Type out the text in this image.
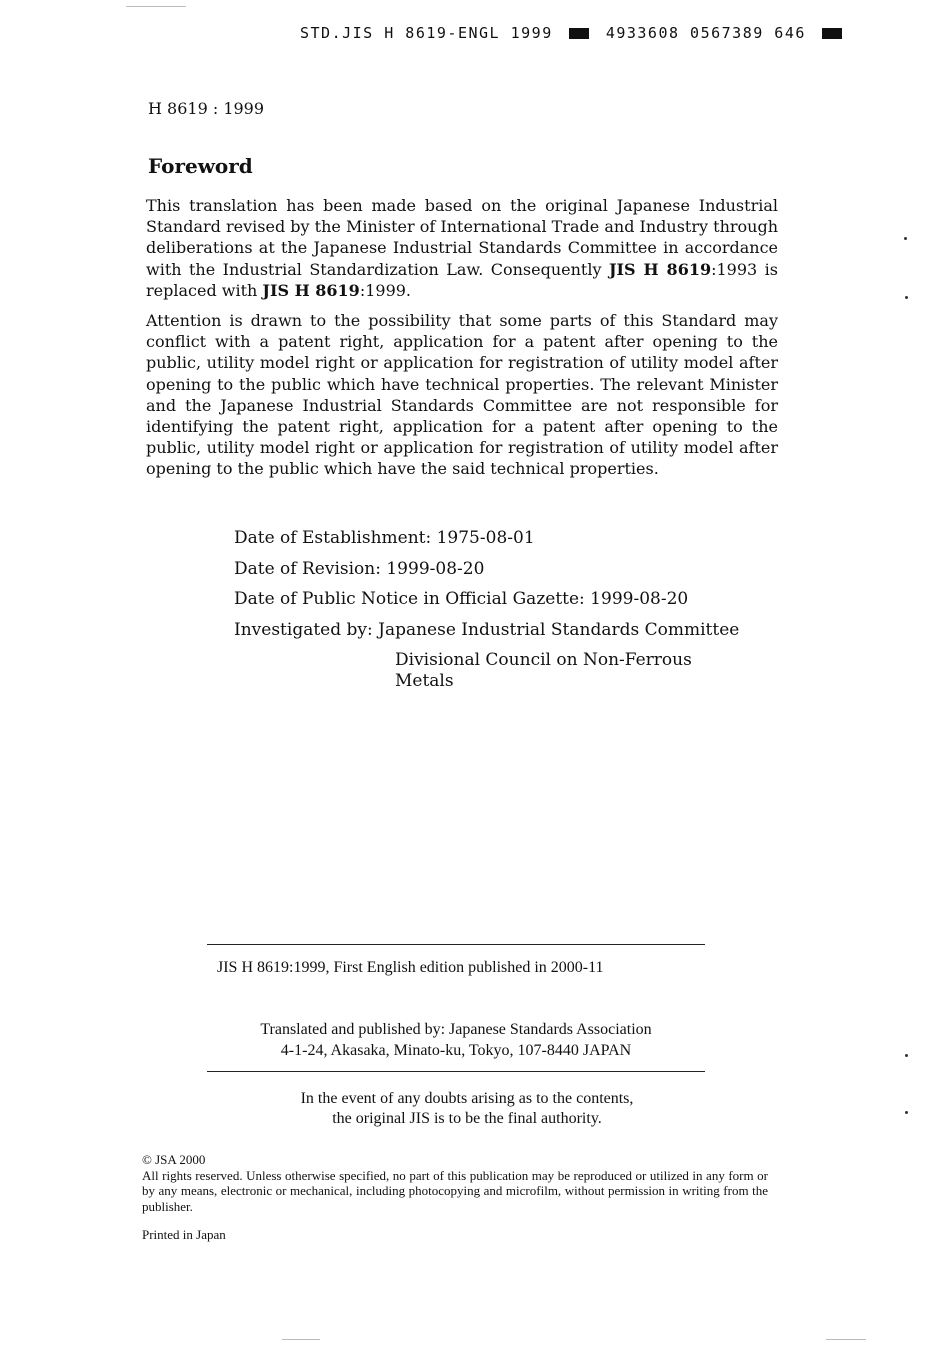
STD.JIS H 8619-ENGL 1999	4933608 0567389 646
H 8619 : 1999
Foreword

This translation has been made based on the original Japanese Industrial Standard revised by the Minister of International Trade and Industry through deliberations at the Japanese Industrial Standards Committee in accordance with the Industrial Standardization Law. Consequently JIS H 8619:1993 is replaced with JIS H 8619:1999.

Attention is drawn to the possibility that some parts of this Standard may conflict with a patent right, application for a patent after opening to the public, utility model right or application for registration of utility model after opening to the public which have technical properties. The relevant Minister and the Japanese Industrial Standards Committee are not responsible for identifying the patent right, application for a patent after opening to the public, utility model right or application for registration of utility model after opening to the public which have the said technical properties.

Date of Establishment: 1975-08-01
Date of Revision: 1999-08-20
Date of Public Notice in Official Gazette: 1999-08-20
Investigated by: Japanese Industrial Standards Committee
Divisional Council on Non-Ferrous
Metals
JIS H 8619:1999, First English edition published in 2000-11
Translated and published by: Japanese Standards Association
4-1-24, Akasaka, Minato-ku, Tokyo, 107-8440 JAPAN
In the event of any doubts arising as to the contents,
the original JIS is to be the final authority.
© JSA 2000
All rights reserved. Unless otherwise specified, no part of this publication may be reproduced or utilized in any form or by any means, electronic or mechanical, including photocopying and microfilm, without permission in writing from the publisher.
Printed in Japan
